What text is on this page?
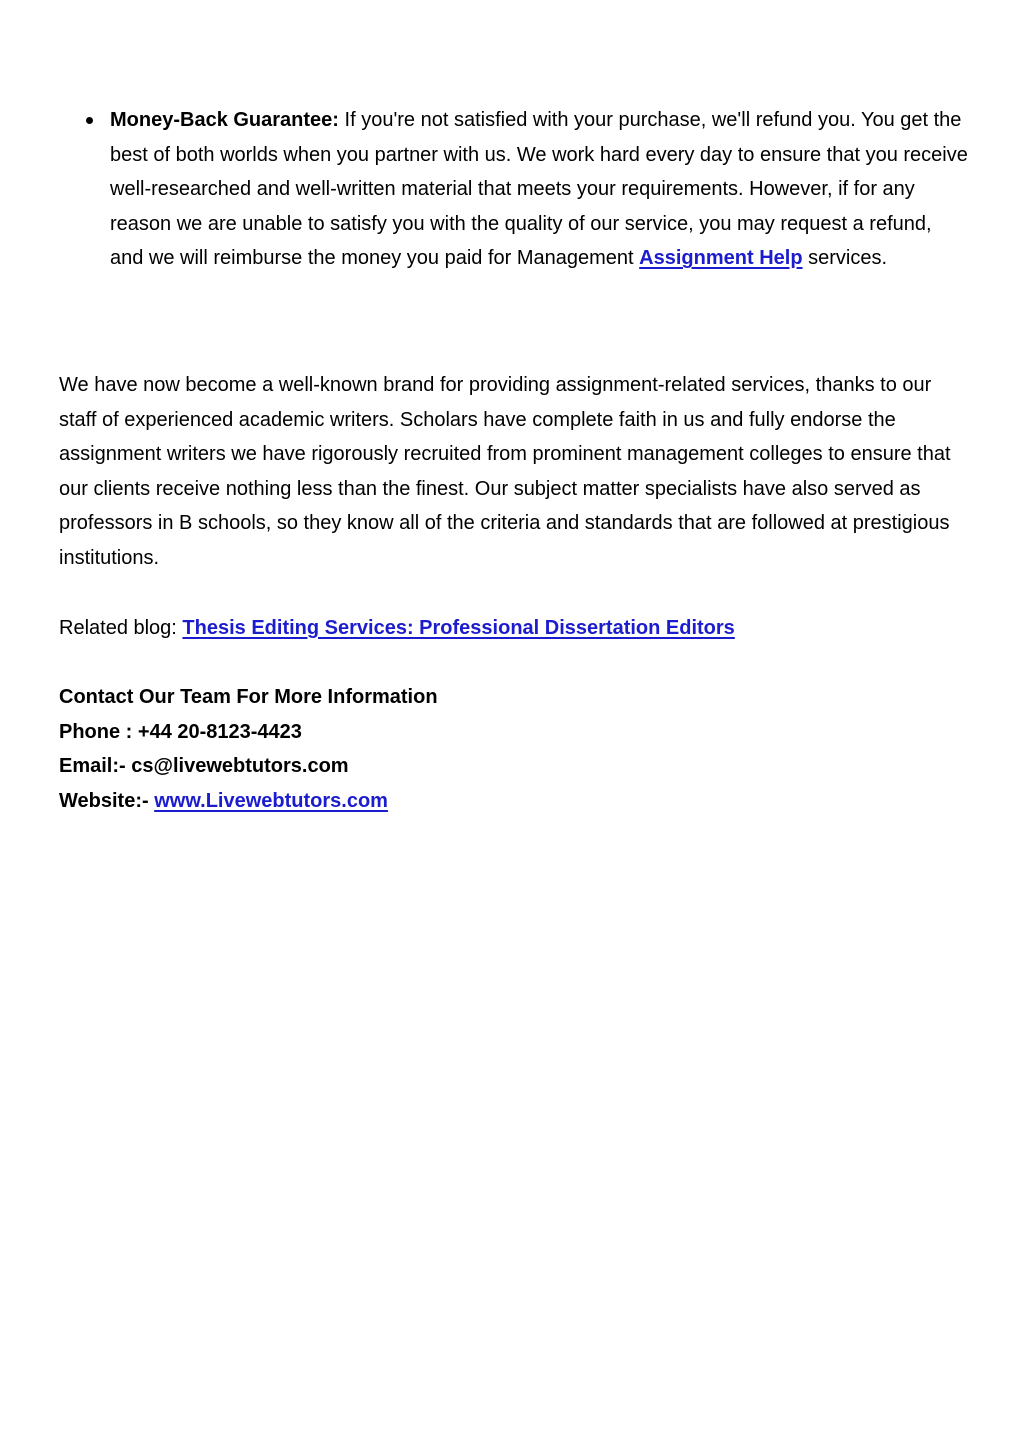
Money-Back Guarantee: If you're not satisfied with your purchase, we'll refund you. You get the best of both worlds when you partner with us. We work hard every day to ensure that you receive well-researched and well-written material that meets your requirements. However, if for any reason we are unable to satisfy you with the quality of our service, you may request a refund, and we will reimburse the money you paid for Management Assignment Help services.

We have now become a well-known brand for providing assignment-related services, thanks to our staff of experienced academic writers. Scholars have complete faith in us and fully endorse the assignment writers we have rigorously recruited from prominent management colleges to ensure that our clients receive nothing less than the finest. Our subject matter specialists have also served as professors in B schools, so they know all of the criteria and standards that are followed at prestigious institutions.

Related blog: Thesis Editing Services: Professional Dissertation Editors

Contact Our Team For More Information
Phone : +44 20-8123-4423
Email:- cs@livewebtutors.com
Website:- www.Livewebtutors.com
